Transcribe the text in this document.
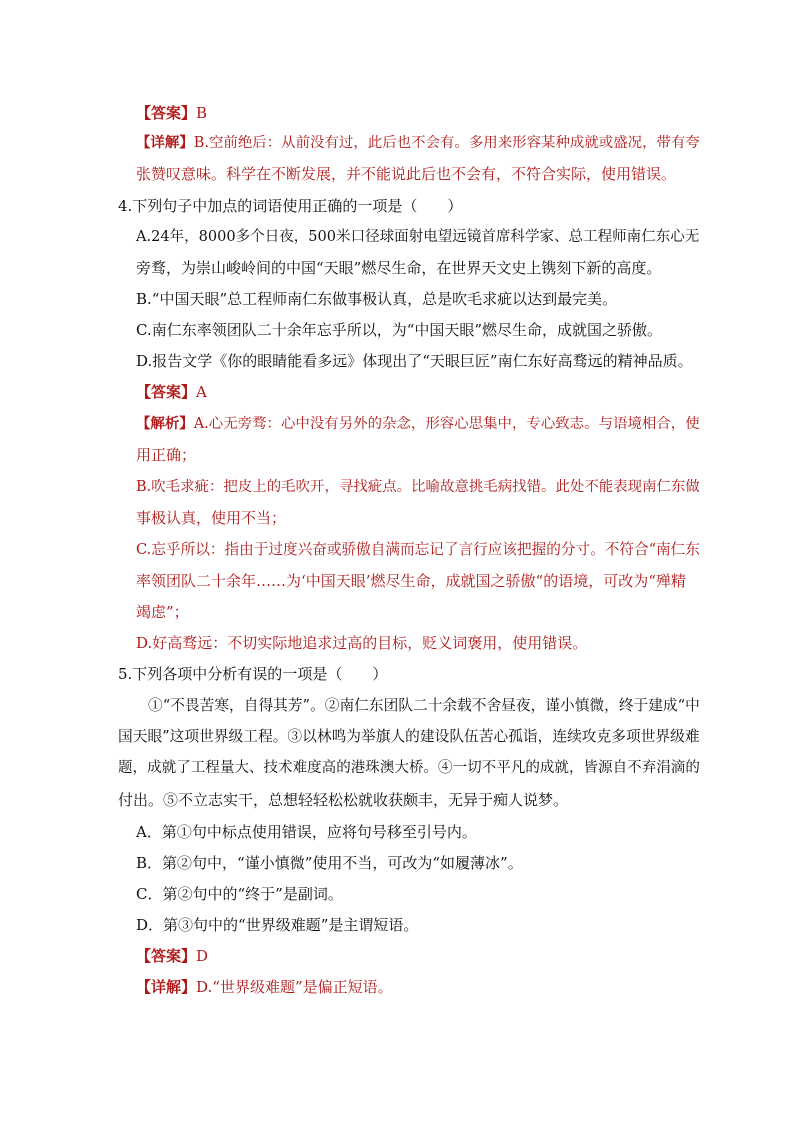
【答案】B
【详解】B.空前绝后：从前没有过，此后也不会有。多用来形容某种成就或盛况，带有夸
张赞叹意味。科学在不断发展，并不能说此后也不会有，不符合实际，使用错误。
4.下列句子中加点的词语使用正确的一项是（　　）
A.24年，8000多个日夜，500米口径球面射电望远镜首席科学家、总工程师南仁东心无
旁骛，为崇山峻岭间的中国“天眼”燃尽生命，在世界天文史上镌刻下新的高度。
B.“中国天眼”总工程师南仁东做事极认真，总是吹毛求疵以达到最完美。
C.南仁东率领团队二十余年忘乎所以，为“中国天眼”燃尽生命，成就国之骄傲。
D.报告文学《你的眼睛能看多远》体现出了“天眼巨匠”南仁东好高骛远的精神品质。
【答案】A
【解析】A.心无旁骛：心中没有另外的杂念，形容心思集中，专心致志。与语境相合，使
用正确；
B.吹毛求疵：把皮上的毛吹开，寻找疵点。比喻故意挑毛病找错。此处不能表现南仁东做
事极认真，使用不当；
C.忘乎所以：指由于过度兴奋或骄傲自满而忘记了言行应该把握的分寸。不符合“南仁东
率领团队二十余年……为‘中国天眼’燃尽生命，成就国之骄傲“的语境，可改为“殚精
竭虑”；
D.好高骛远：不切实际地追求过高的目标，贬义词褒用，使用错误。
5.下列各项中分析有误的一项是（　　）
①“不畏苦寒，自得其芳”。②南仁东团队二十余载不舍昼夜，谨小慎微，终于建成“中
国天眼”这项世界级工程。③以林鸣为举旗人的建设队伍苦心孤诣，连续攻克多项世界级难
题，成就了工程量大、技术难度高的港珠澳大桥。④一切不平凡的成就，皆源自不弃涓滴的
付出。⑤不立志实干，总想轻轻松松就收获颇丰，无异于痴人说梦。
A．第①句中标点使用错误，应将句号移至引号内。
B．第②句中，“谨小慎微”使用不当，可改为“如履薄冰”。
C．第②句中的“终于”是副词。
D．第③句中的“世界级难题”是主谓短语。
【答案】D
【详解】D.“世界级难题”是偏正短语。
